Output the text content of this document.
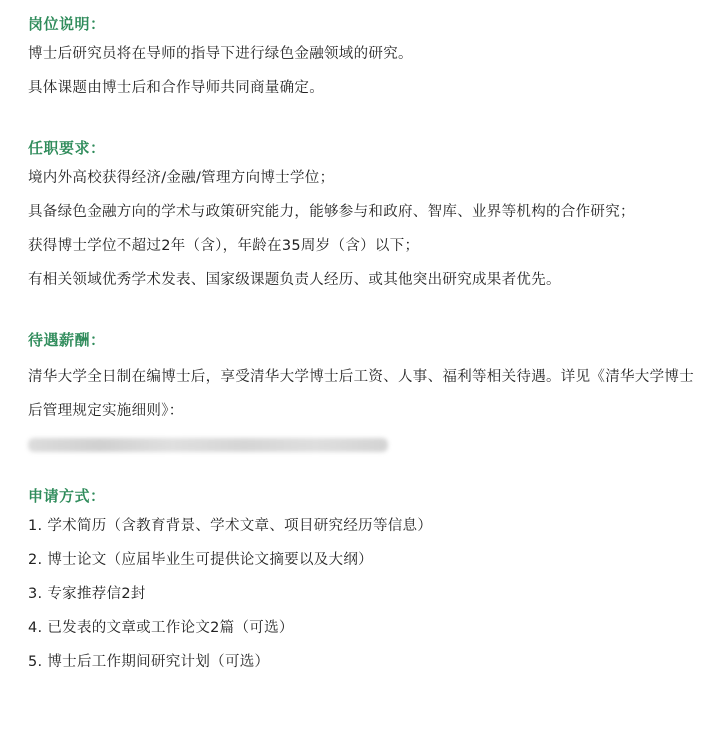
岗位说明：
博士后研究员将在导师的指导下进行绿色金融领域的研究。
具体课题由博士后和合作导师共同商量确定。
任职要求：
境内外高校获得经济/金融/管理方向博士学位；
具备绿色金融方向的学术与政策研究能力，能够参与和政府、智库、业界等机构的合作研究；
获得博士学位不超过2年（含），年龄在35周岁（含）以下；
有相关领域优秀学术发表、国家级课题负责人经历、或其他突出研究成果者优先。
待遇薪酬：
清华大学全日制在编博士后，享受清华大学博士后工资、人事、福利等相关待遇。详见《清华大学博士后管理规定实施细则》：
申请方式：
1. 学术简历（含教育背景、学术文章、项目研究经历等信息）
2. 博士论文（应届毕业生可提供论文摘要以及大纲）
3. 专家推荐信2封
4. 已发表的文章或工作论文2篇（可选）
5. 博士后工作期间研究计划（可选）
